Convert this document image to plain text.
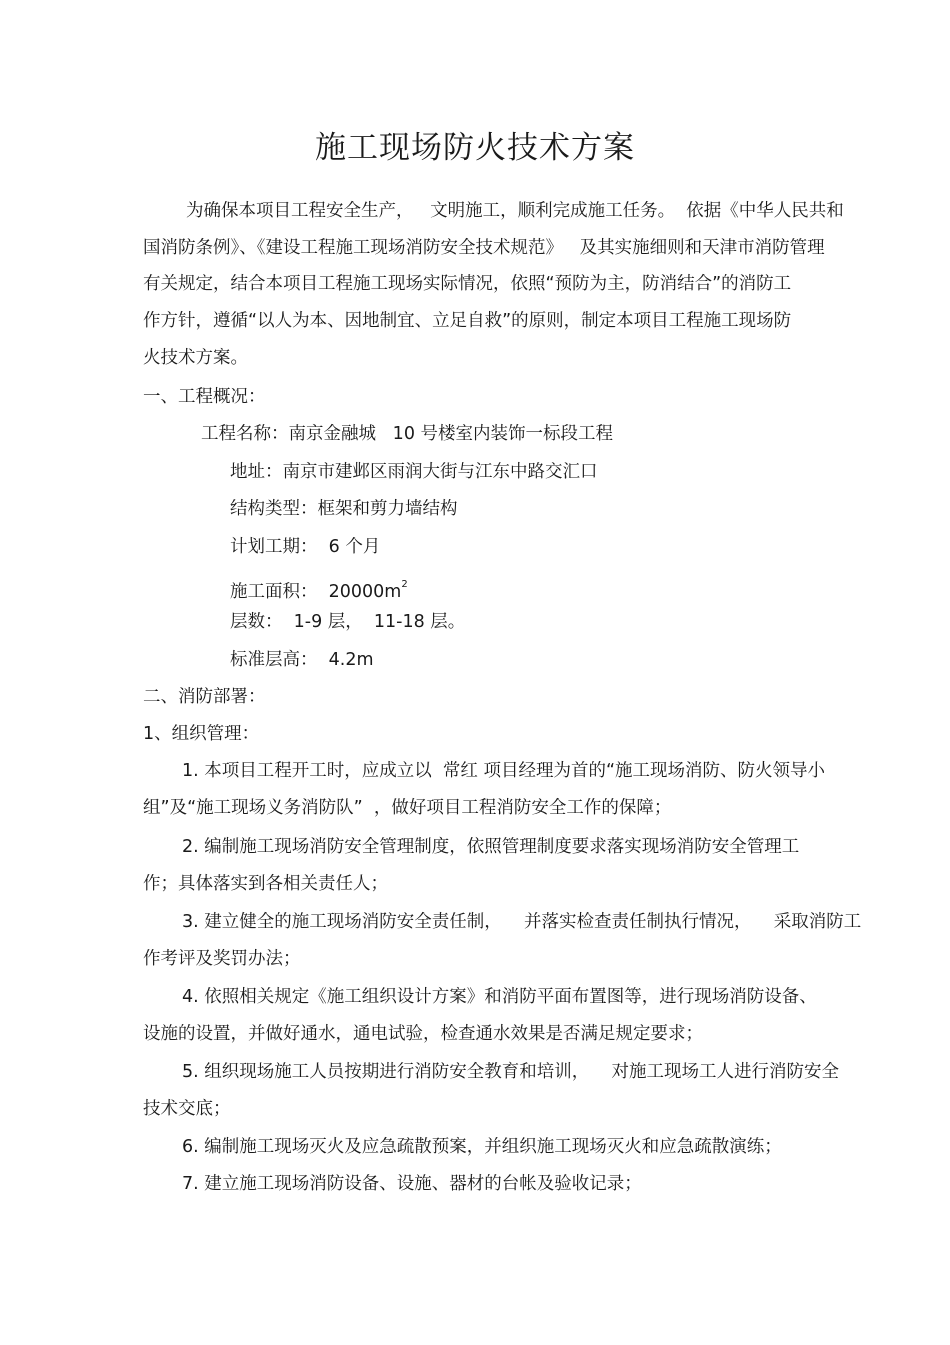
施工现场防火技术方案
为确保本项目工程安全生产，   文明施工，顺利完成施工任务。  依据《中华人民共和
国消防条例》、《建设工程施工现场消防安全技术规范》   及其实施细则和天津市消防管理
有关规定，结合本项目工程施工现场实际情况，依照“预防为主，防消结合”的消防工
作方针，遵循“以人为本、因地制宜、立足自救”的原则，制定本项目工程施工现场防
火技术方案。
一、工程概况：
工程名称：南京金融城   10 号楼室内装饰一标段工程
地址：南京市建邺区雨润大街与江东中路交汇口
结构类型：框架和剪力墙结构
计划工期：  6 个月
施工面积：  $20000m^2$
层数：  1-9 层，  11-18 层。
标准层高：  4.2m
二、消防部署：
1、组织管理：
1. 本项目工程开工时，应成立以  常红 项目经理为首的“施工现场消防、防火领导小
组”及“施工现场义务消防队”  ，做好项目工程消防安全工作的保障；
2. 编制施工现场消防安全管理制度，依照管理制度要求落实现场消防安全管理工
作；具体落实到各相关责任人；
3. 建立健全的施工现场消防安全责任制，    并落实检查责任制执行情况，    采取消防工
作考评及奖罚办法；
4. 依照相关规定《施工组织设计方案》和消防平面布置图等，进行现场消防设备、
设施的设置，并做好通水，通电试验，检查通水效果是否满足规定要求；
5. 组织现场施工人员按期进行消防安全教育和培训，    对施工现场工人进行消防安全
技术交底；
6. 编制施工现场灭火及应急疏散预案，并组织施工现场灭火和应急疏散演练；
7. 建立施工现场消防设备、设施、器材的台帐及验收记录；
